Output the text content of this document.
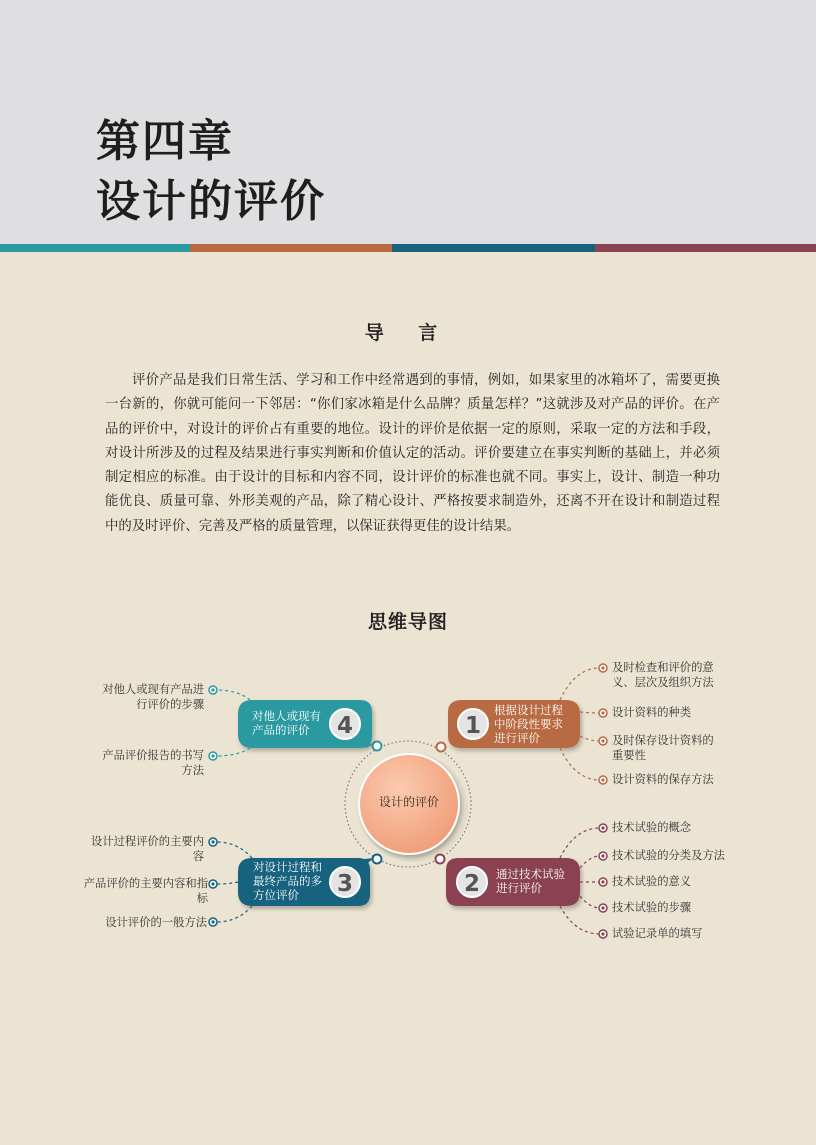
第四章
设计的评价
导 言
评价产品是我们日常生活、学习和工作中经常遇到的事情，例如，如果家里的冰箱坏了，需要更换一台新的，你就可能问一下邻居：“你们家冰箱是什么品牌？质量怎样？”这就涉及对产品的评价。在产品的评价中，对设计的评价占有重要的地位。设计的评价是依据一定的原则，采取一定的方法和手段，对设计所涉及的过程及结果进行事实判断和价值认定的活动。评价要建立在事实判断的基础上，并必须制定相应的标准。由于设计的目标和内容不同，设计评价的标准也就不同。事实上，设计、制造一种功能优良、质量可靠、外形美观的产品，除了精心设计、严格按要求制造外，还离不开在设计和制造过程中的及时评价、完善及严格的质量管理，以保证获得更佳的设计结果。
思维导图
4	1
3	2
设计的评价
对他人或现有产品的评价
根据设计过程中阶段性要求进行评价
对设计过程和最终产品的多方位评价
通过技术试验进行评价
及时检查和评价的意义、层次及组织方法
设计资料的种类
及时保存设计资料的重要性
设计资料的保存方法
技术试验的概念
技术试验的分类及方法
技术试验的意义
技术试验的步骤
试验记录单的填写
对他人或现有产品进行评价的步骤
产品评价报告的书写方法
设计过程评价的主要内容
产品评价的主要内容和指标
设计评价的一般方法
